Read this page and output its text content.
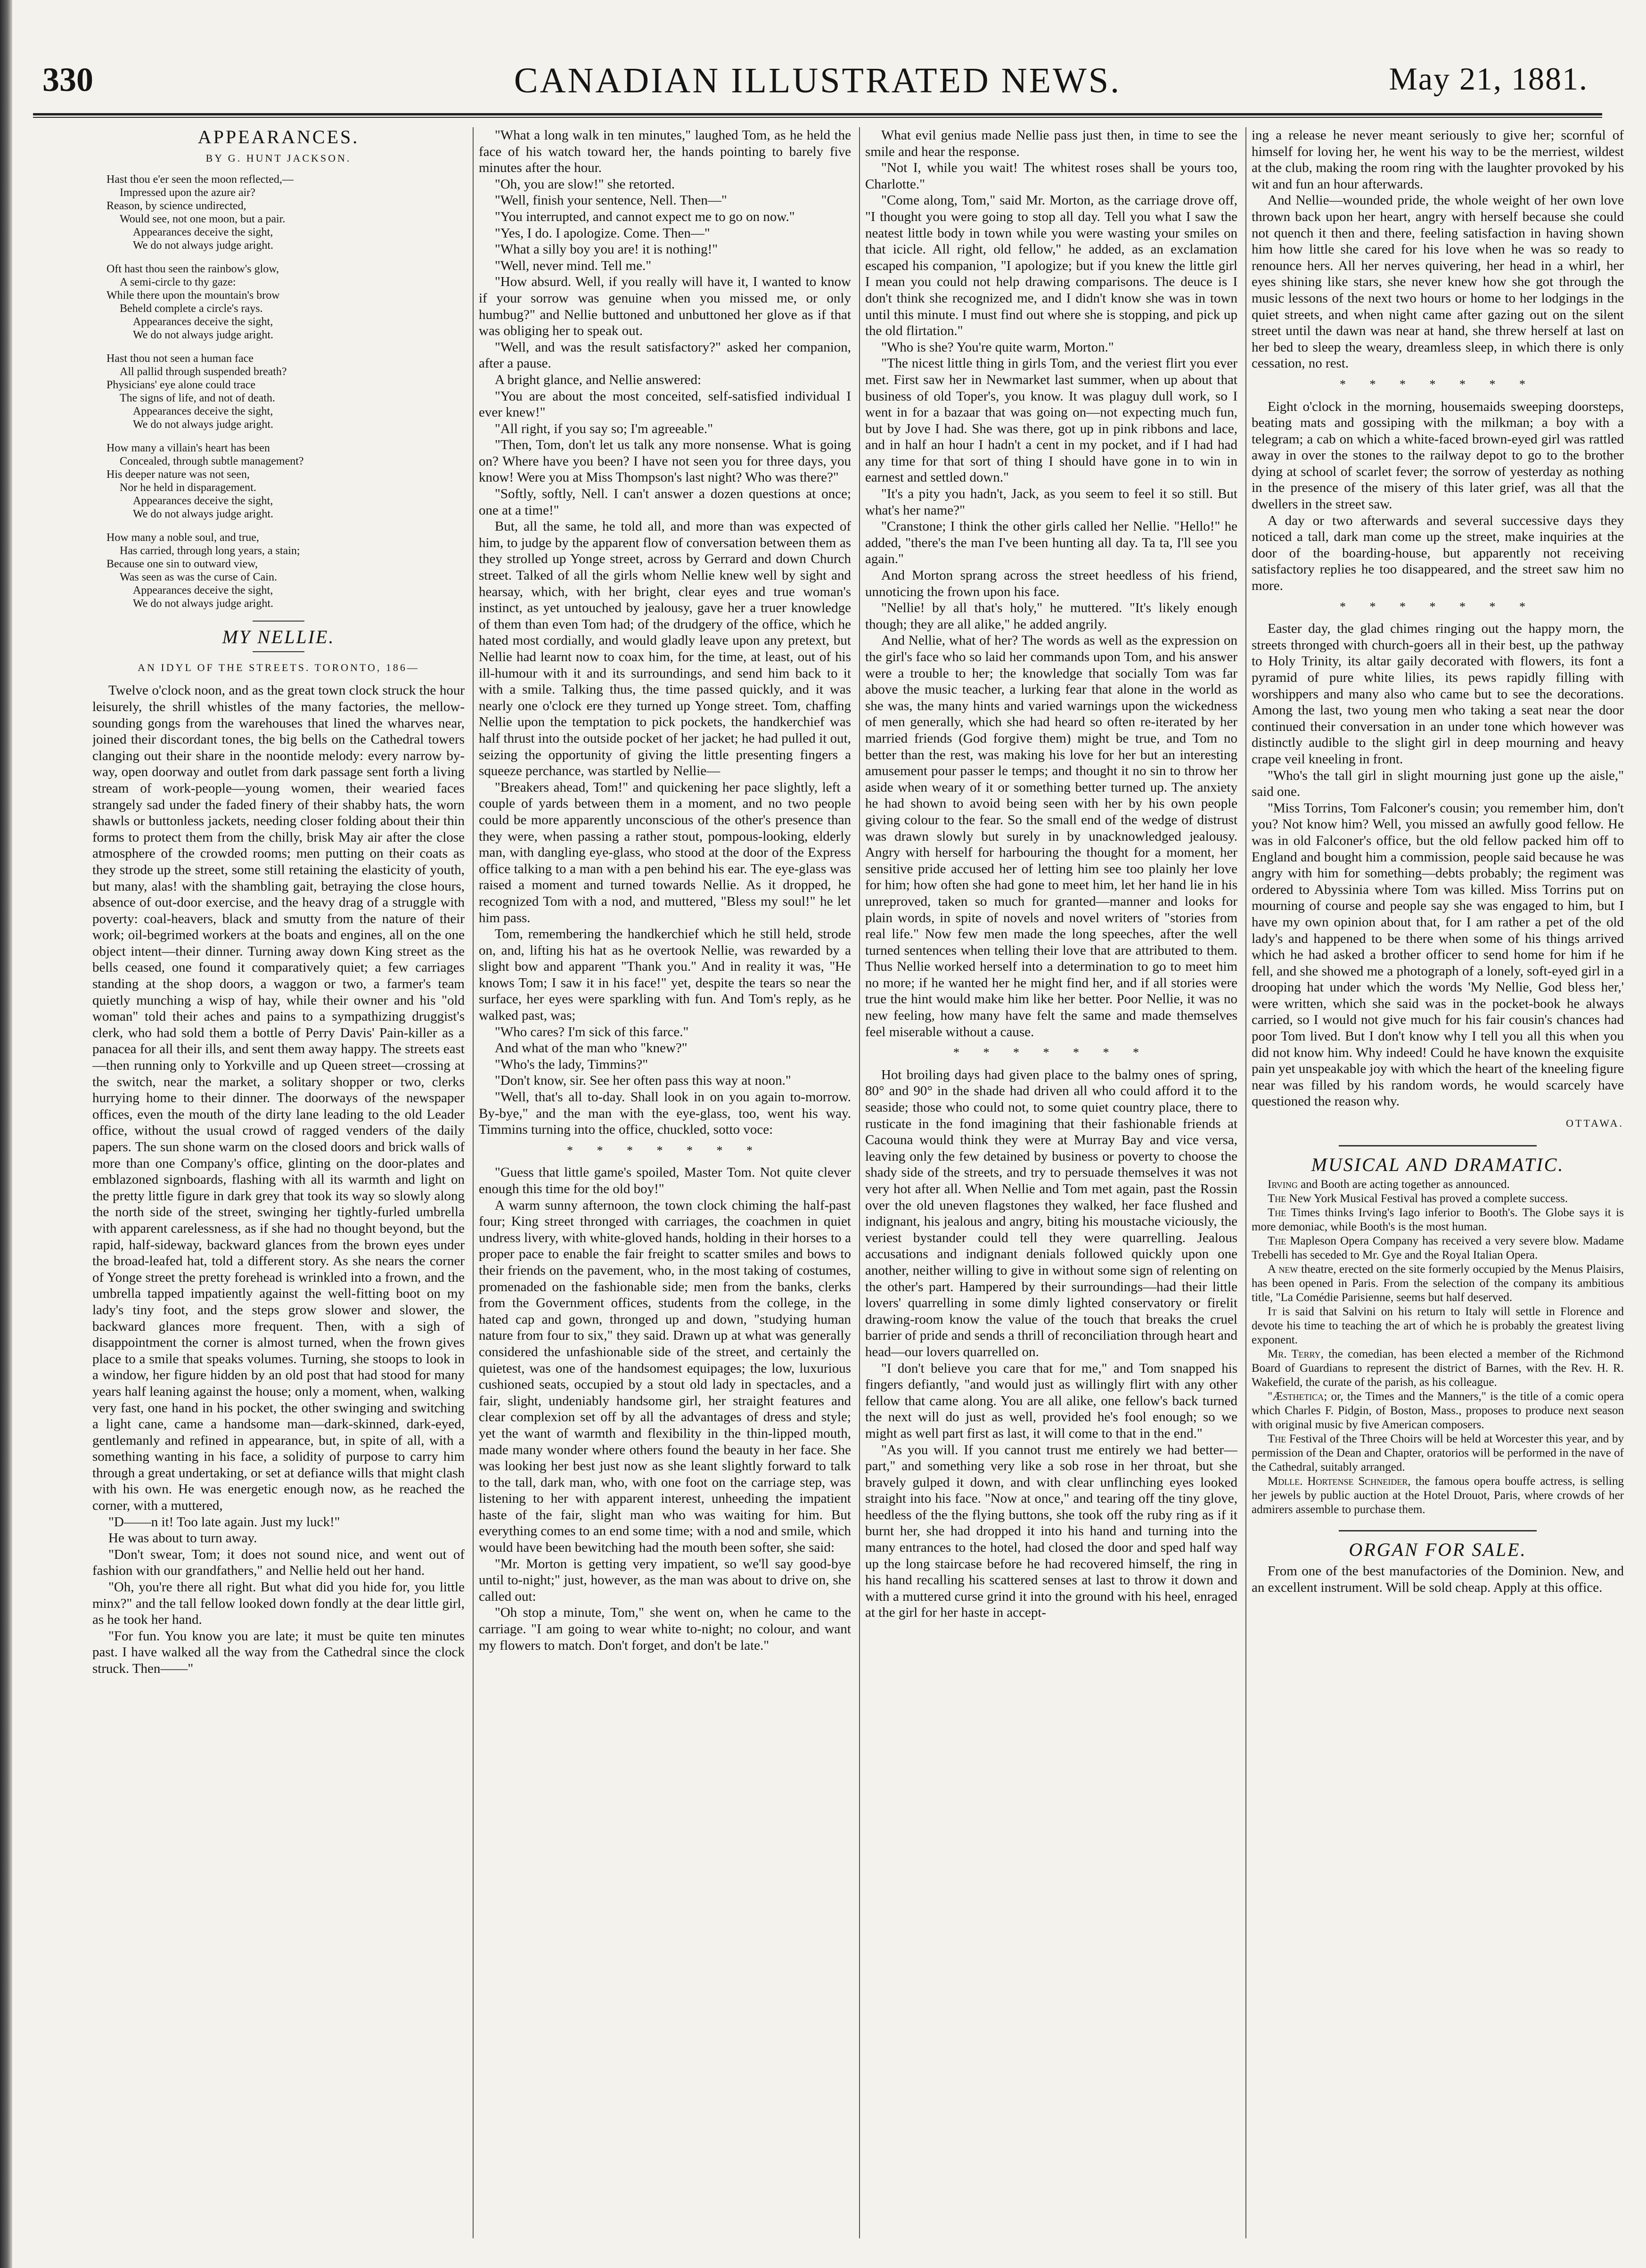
330	CANADIAN ILLUSTRATED NEWS.	May 21, 1881.
APPEARANCES.
BY G. HUNT JACKSON.
Hast thou e'er seen the moon reflected,—
Impressed upon the azure air?
Reason, by science undirected,
Would see, not one moon, but a pair.
Appearances deceive the sight,
We do not always judge aright.
Oft hast thou seen the rainbow's glow,
A semi-circle to thy gaze:
While there upon the mountain's brow
Beheld complete a circle's rays.
Appearances deceive the sight,
We do not always judge aright.
Hast thou not seen a human face
All pallid through suspended breath?
Physicians' eye alone could trace
The signs of life, and not of death.
Appearances deceive the sight,
We do not always judge aright.
How many a villain's heart has been
Concealed, through subtle management?
His deeper nature was not seen,
Nor he held in disparagement.
Appearances deceive the sight,
We do not always judge aright.
How many a noble soul, and true,
Has carried, through long years, a stain;
Because one sin to outward view,
Was seen as was the curse of Cain.
Appearances deceive the sight,
We do not always judge aright.
MY NELLIE.
AN IDYL OF THE STREETS. TORONTO, 186—

Twelve o'clock noon, and as the great town clock struck the hour leisurely, the shrill whistles of the many factories, the mellow-sounding gongs from the warehouses that lined the wharves near, joined their discordant tones, the big bells on the Cathedral towers clanging out their share in the noontide melody: every narrow by-way, open doorway and outlet from dark passage sent forth a living stream of work-people—young women, their wearied faces strangely sad under the faded finery of their shabby hats, the worn shawls or buttonless jackets, needing closer folding about their thin forms to protect them from the chilly, brisk May air after the close atmosphere of the crowded rooms; men putting on their coats as they strode up the street, some still retaining the elasticity of youth, but many, alas! with the shambling gait, betraying the close hours, absence of out-door exercise, and the heavy drag of a struggle with poverty: coal-heavers, black and smutty from the nature of their work; oil-begrimed workers at the boats and engines, all on the one object intent—their dinner. Turning away down King street as the bells ceased, one found it comparatively quiet; a few carriages standing at the shop doors, a waggon or two, a farmer's team quietly munching a wisp of hay, while their owner and his "old woman" told their aches and pains to a sympathizing druggist's clerk, who had sold them a bottle of Perry Davis' Pain-killer as a panacea for all their ills, and sent them away happy. The streets east—then running only to Yorkville and up Queen street—crossing at the switch, near the market, a solitary shopper or two, clerks hurrying home to their dinner. The doorways of the newspaper offices, even the mouth of the dirty lane leading to the old Leader office, without the usual crowd of ragged venders of the daily papers. The sun shone warm on the closed doors and brick walls of more than one Company's office, glinting on the door-plates and emblazoned signboards, flashing with all its warmth and light on the pretty little figure in dark grey that took its way so slowly along the north side of the street, swinging her tightly-furled umbrella with apparent carelessness, as if she had no thought beyond, but the rapid, half-sideway, backward glances from the brown eyes under the broad-leafed hat, told a different story. As she nears the corner of Yonge street the pretty forehead is wrinkled into a frown, and the umbrella tapped impatiently against the well-fitting boot on my lady's tiny foot, and the steps grow slower and slower, the backward glances more frequent. Then, with a sigh of disappointment the corner is almost turned, when the frown gives place to a smile that speaks volumes. Turning, she stoops to look in a window, her figure hidden by an old post that had stood for many years half leaning against the house; only a moment, when, walking very fast, one hand in his pocket, the other swinging and switching a light cane, came a handsome man—dark-skinned, dark-eyed, gentlemanly and refined in appearance, but, in spite of all, with a something wanting in his face, a solidity of purpose to carry him through a great undertaking, or set at defiance wills that might clash with his own. He was energetic enough now, as he reached the corner, with a muttered,

"D——n it! Too late again. Just my luck!"

He was about to turn away.

"Don't swear, Tom; it does not sound nice, and went out of fashion with our grandfathers," and Nellie held out her hand.

"Oh, you're there all right. But what did you hide for, you little minx?" and the tall fellow looked down fondly at the dear little girl, as he took her hand.

"For fun. You know you are late; it must be quite ten minutes past. I have walked all the way from the Cathedral since the clock struck. Then——"

"What a long walk in ten minutes," laughed Tom, as he held the face of his watch toward her, the hands pointing to barely five minutes after the hour.

"Oh, you are slow!" she retorted.

"Well, finish your sentence, Nell. Then—"

"You interrupted, and cannot expect me to go on now."

"Yes, I do. I apologize. Come. Then—"

"What a silly boy you are! it is nothing!"

"Well, never mind. Tell me."

"How absurd. Well, if you really will have it, I wanted to know if your sorrow was genuine when you missed me, or only humbug?" and Nellie buttoned and unbuttoned her glove as if that was obliging her to speak out.

"Well, and was the result satisfactory?" asked her companion, after a pause.

A bright glance, and Nellie answered:

"You are about the most conceited, self-satisfied individual I ever knew!"

"All right, if you say so; I'm agreeable."

"Then, Tom, don't let us talk any more nonsense. What is going on? Where have you been? I have not seen you for three days, you know! Were you at Miss Thompson's last night? Who was there?"

"Softly, softly, Nell. I can't answer a dozen questions at once; one at a time!"

But, all the same, he told all, and more than was expected of him, to judge by the apparent flow of conversation between them as they strolled up Yonge street, across by Gerrard and down Church street. Talked of all the girls whom Nellie knew well by sight and hearsay, which, with her bright, clear eyes and true woman's instinct, as yet untouched by jealousy, gave her a truer knowledge of them than even Tom had; of the drudgery of the office, which he hated most cordially, and would gladly leave upon any pretext, but Nellie had learnt now to coax him, for the time, at least, out of his ill-humour with it and its surroundings, and send him back to it with a smile. Talking thus, the time passed quickly, and it was nearly one o'clock ere they turned up Yonge street. Tom, chaffing Nellie upon the temptation to pick pockets, the handkerchief was half thrust into the outside pocket of her jacket; he had pulled it out, seizing the opportunity of giving the little presenting fingers a squeeze perchance, was startled by Nellie—

"Breakers ahead, Tom!" and quickening her pace slightly, left a couple of yards between them in a moment, and no two people could be more apparently unconscious of the other's presence than they were, when passing a rather stout, pompous-looking, elderly man, with dangling eye-glass, who stood at the door of the Express office talking to a man with a pen behind his ear. The eye-glass was raised a moment and turned towards Nellie. As it dropped, he recognized Tom with a nod, and muttered, "Bless my soul!" he let him pass.

Tom, remembering the handkerchief which he still held, strode on, and, lifting his hat as he overtook Nellie, was rewarded by a slight bow and apparent "Thank you." And in reality it was, "He knows Tom; I saw it in his face!" yet, despite the tears so near the surface, her eyes were sparkling with fun. And Tom's reply, as he walked past, was;

"Who cares? I'm sick of this farce."

And what of the man who "knew?"

"Who's the lady, Timmins?"

"Don't know, sir. See her often pass this way at noon."

"Well, that's all to-day. Shall look in on you again to-morrow. By-bye," and the man with the eye-glass, too, went his way. Timmins turning into the office, chuckled, sotto voce:

* * * * * * *

"Guess that little game's spoiled, Master Tom. Not quite clever enough this time for the old boy!"

A warm sunny afternoon, the town clock chiming the half-past four; King street thronged with carriages, the coachmen in quiet undress livery, with white-gloved hands, holding in their horses to a proper pace to enable the fair freight to scatter smiles and bows to their friends on the pavement, who, in the most taking of costumes, promenaded on the fashionable side; men from the banks, clerks from the Government offices, students from the college, in the hated cap and gown, thronged up and down, "studying human nature from four to six," they said. Drawn up at what was generally considered the unfashionable side of the street, and certainly the quietest, was one of the handsomest equipages; the low, luxurious cushioned seats, occupied by a stout old lady in spectacles, and a fair, slight, undeniably handsome girl, her straight features and clear complexion set off by all the advantages of dress and style; yet the want of warmth and flexibility in the thin-lipped mouth, made many wonder where others found the beauty in her face. She was looking her best just now as she leant slightly forward to talk to the tall, dark man, who, with one foot on the carriage step, was listening to her with apparent interest, unheeding the impatient haste of the fair, slight man who was waiting for him. But everything comes to an end some time; with a nod and smile, which would have been bewitching had the mouth been softer, she said:

"Mr. Morton is getting very impatient, so we'll say good-bye until to-night;" just, however, as the man was about to drive on, she called out:

"Oh stop a minute, Tom," she went on, when he came to the carriage. "I am going to wear white to-night; no colour, and want my flowers to match. Don't forget, and don't be late."

What evil genius made Nellie pass just then, in time to see the smile and hear the response.

"Not I, while you wait! The whitest roses shall be yours too, Charlotte."

"Come along, Tom," said Mr. Morton, as the carriage drove off, "I thought you were going to stop all day. Tell you what I saw the neatest little body in town while you were wasting your smiles on that icicle. All right, old fellow," he added, as an exclamation escaped his companion, "I apologize; but if you knew the little girl I mean you could not help drawing comparisons. The deuce is I don't think she recognized me, and I didn't know she was in town until this minute. I must find out where she is stopping, and pick up the old flirtation."

"Who is she? You're quite warm, Morton."

"The nicest little thing in girls Tom, and the veriest flirt you ever met. First saw her in Newmarket last summer, when up about that business of old Toper's, you know. It was plaguy dull work, so I went in for a bazaar that was going on—not expecting much fun, but by Jove I had. She was there, got up in pink ribbons and lace, and in half an hour I hadn't a cent in my pocket, and if I had had any time for that sort of thing I should have gone in to win in earnest and settled down."

"It's a pity you hadn't, Jack, as you seem to feel it so still. But what's her name?"

"Cranstone; I think the other girls called her Nellie. "Hello!" he added, "there's the man I've been hunting all day. Ta ta, I'll see you again."

And Morton sprang across the street heedless of his friend, unnoticing the frown upon his face.

"Nellie! by all that's holy," he muttered. "It's likely enough though; they are all alike," he added angrily.

And Nellie, what of her? The words as well as the expression on the girl's face who so laid her commands upon Tom, and his answer were a trouble to her; the knowledge that socially Tom was far above the music teacher, a lurking fear that alone in the world as she was, the many hints and varied warnings upon the wickedness of men generally, which she had heard so often re-iterated by her married friends (God forgive them) might be true, and Tom no better than the rest, was making his love for her but an interesting amusement pour passer le temps; and thought it no sin to throw her aside when weary of it or something better turned up. The anxiety he had shown to avoid being seen with her by his own people giving colour to the fear. So the small end of the wedge of distrust was drawn slowly but surely in by unacknowledged jealousy. Angry with herself for harbouring the thought for a moment, her sensitive pride accused her of letting him see too plainly her love for him; how often she had gone to meet him, let her hand lie in his unreproved, taken so much for granted—manner and looks for plain words, in spite of novels and novel writers of "stories from real life." Now few men made the long speeches, after the well turned sentences when telling their love that are attributed to them. Thus Nellie worked herself into a determination to go to meet him no more; if he wanted her he might find her, and if all stories were true the hint would make him like her better. Poor Nellie, it was no new feeling, how many have felt the same and made themselves feel miserable without a cause.

* * * * * * *

Hot broiling days had given place to the balmy ones of spring, 80° and 90° in the shade had driven all who could afford it to the seaside; those who could not, to some quiet country place, there to rusticate in the fond imagining that their fashionable friends at Cacouna would think they were at Murray Bay and vice versa, leaving only the few detained by business or poverty to choose the shady side of the streets, and try to persuade themselves it was not very hot after all. When Nellie and Tom met again, past the Rossin over the old uneven flagstones they walked, her face flushed and indignant, his jealous and angry, biting his moustache viciously, the veriest bystander could tell they were quarrelling. Jealous accusations and indignant denials followed quickly upon one another, neither willing to give in without some sign of relenting on the other's part. Hampered by their surroundings—had their little lovers' quarrelling in some dimly lighted conservatory or firelit drawing-room know the value of the touch that breaks the cruel barrier of pride and sends a thrill of reconciliation through heart and head—our lovers quarrelled on.

"I don't believe you care that for me," and Tom snapped his fingers defiantly, "and would just as willingly flirt with any other fellow that came along. You are all alike, one fellow's back turned the next will do just as well, provided he's fool enough; so we might as well part first as last, it will come to that in the end."

"As you will. If you cannot trust me entirely we had better—part," and something very like a sob rose in her throat, but she bravely gulped it down, and with clear unflinching eyes looked straight into his face. "Now at once," and tearing off the tiny glove, heedless of the the flying buttons, she took off the ruby ring as if it burnt her, she had dropped it into his hand and turning into the many entrances to the hotel, had closed the door and sped half way up the long staircase before he had recovered himself, the ring in his hand recalling his scattered senses at last to throw it down and with a muttered curse grind it into the ground with his heel, enraged at the girl for her haste in accept-

ing a release he never meant seriously to give her; scornful of himself for loving her, he went his way to be the merriest, wildest at the club, making the room ring with the laughter provoked by his wit and fun an hour afterwards.

And Nellie—wounded pride, the whole weight of her own love thrown back upon her heart, angry with herself because she could not quench it then and there, feeling satisfaction in having shown him how little she cared for his love when he was so ready to renounce hers. All her nerves quivering, her head in a whirl, her eyes shining like stars, she never knew how she got through the music lessons of the next two hours or home to her lodgings in the quiet streets, and when night came after gazing out on the silent street until the dawn was near at hand, she threw herself at last on her bed to sleep the weary, dreamless sleep, in which there is only cessation, no rest.

* * * * * * *

Eight o'clock in the morning, housemaids sweeping doorsteps, beating mats and gossiping with the milkman; a boy with a telegram; a cab on which a white-faced brown-eyed girl was rattled away in over the stones to the railway depot to go to the brother dying at school of scarlet fever; the sorrow of yesterday as nothing in the presence of the misery of this later grief, was all that the dwellers in the street saw.

A day or two afterwards and several successive days they noticed a tall, dark man come up the street, make inquiries at the door of the boarding-house, but apparently not receiving satisfactory replies he too disappeared, and the street saw him no more.

* * * * * * *

Easter day, the glad chimes ringing out the happy morn, the streets thronged with church-goers all in their best, up the pathway to Holy Trinity, its altar gaily decorated with flowers, its font a pyramid of pure white lilies, its pews rapidly filling with worshippers and many also who came but to see the decorations. Among the last, two young men who taking a seat near the door continued their conversation in an under tone which however was distinctly audible to the slight girl in deep mourning and heavy crape veil kneeling in front.

"Who's the tall girl in slight mourning just gone up the aisle," said one.

"Miss Torrins, Tom Falconer's cousin; you remember him, don't you? Not know him? Well, you missed an awfully good fellow. He was in old Falconer's office, but the old fellow packed him off to England and bought him a commission, people said because he was angry with him for something—debts probably; the regiment was ordered to Abyssinia where Tom was killed. Miss Torrins put on mourning of course and people say she was engaged to him, but I have my own opinion about that, for I am rather a pet of the old lady's and happened to be there when some of his things arrived which he had asked a brother officer to send home for him if he fell, and she showed me a photograph of a lonely, soft-eyed girl in a drooping hat under which the words 'My Nellie, God bless her,' were written, which she said was in the pocket-book he always carried, so I would not give much for his fair cousin's chances had poor Tom lived. But I don't know why I tell you all this when you did not know him. Why indeed! Could he have known the exquisite pain yet unspeakable joy with which the heart of the kneeling figure near was filled by his random words, he would scarcely have questioned the reason why.

OTTAWA.
MUSICAL AND DRAMATIC.

Irving and Booth are acting together as announced.

The New York Musical Festival has proved a complete success.

The Times thinks Irving's Iago inferior to Booth's. The Globe says it is more demoniac, while Booth's is the most human.

The Mapleson Opera Company has received a very severe blow. Madame Trebelli has seceded to Mr. Gye and the Royal Italian Opera.

A new theatre, erected on the site formerly occupied by the Menus Plaisirs, has been opened in Paris. From the selection of the company its ambitious title, "La Comédie Parisienne, seems but half deserved.

It is said that Salvini on his return to Italy will settle in Florence and devote his time to teaching the art of which he is probably the greatest living exponent.

Mr. Terry, the comedian, has been elected a member of the Richmond Board of Guardians to represent the district of Barnes, with the Rev. H. R. Wakefield, the curate of the parish, as his colleague.

"Æsthetica; or, the Times and the Manners," is the title of a comic opera which Charles F. Pidgin, of Boston, Mass., proposes to produce next season with original music by five American composers.

The Festival of the Three Choirs will be held at Worcester this year, and by permission of the Dean and Chapter, oratorios will be performed in the nave of the Cathedral, suitably arranged.

Mdlle. Hortense Schneider, the famous opera bouffe actress, is selling her jewels by public auction at the Hotel Drouot, Paris, where crowds of her admirers assemble to purchase them.

ORGAN FOR SALE.

From one of the best manufactories of the Dominion. New, and an excellent instrument. Will be sold cheap. Apply at this office.
